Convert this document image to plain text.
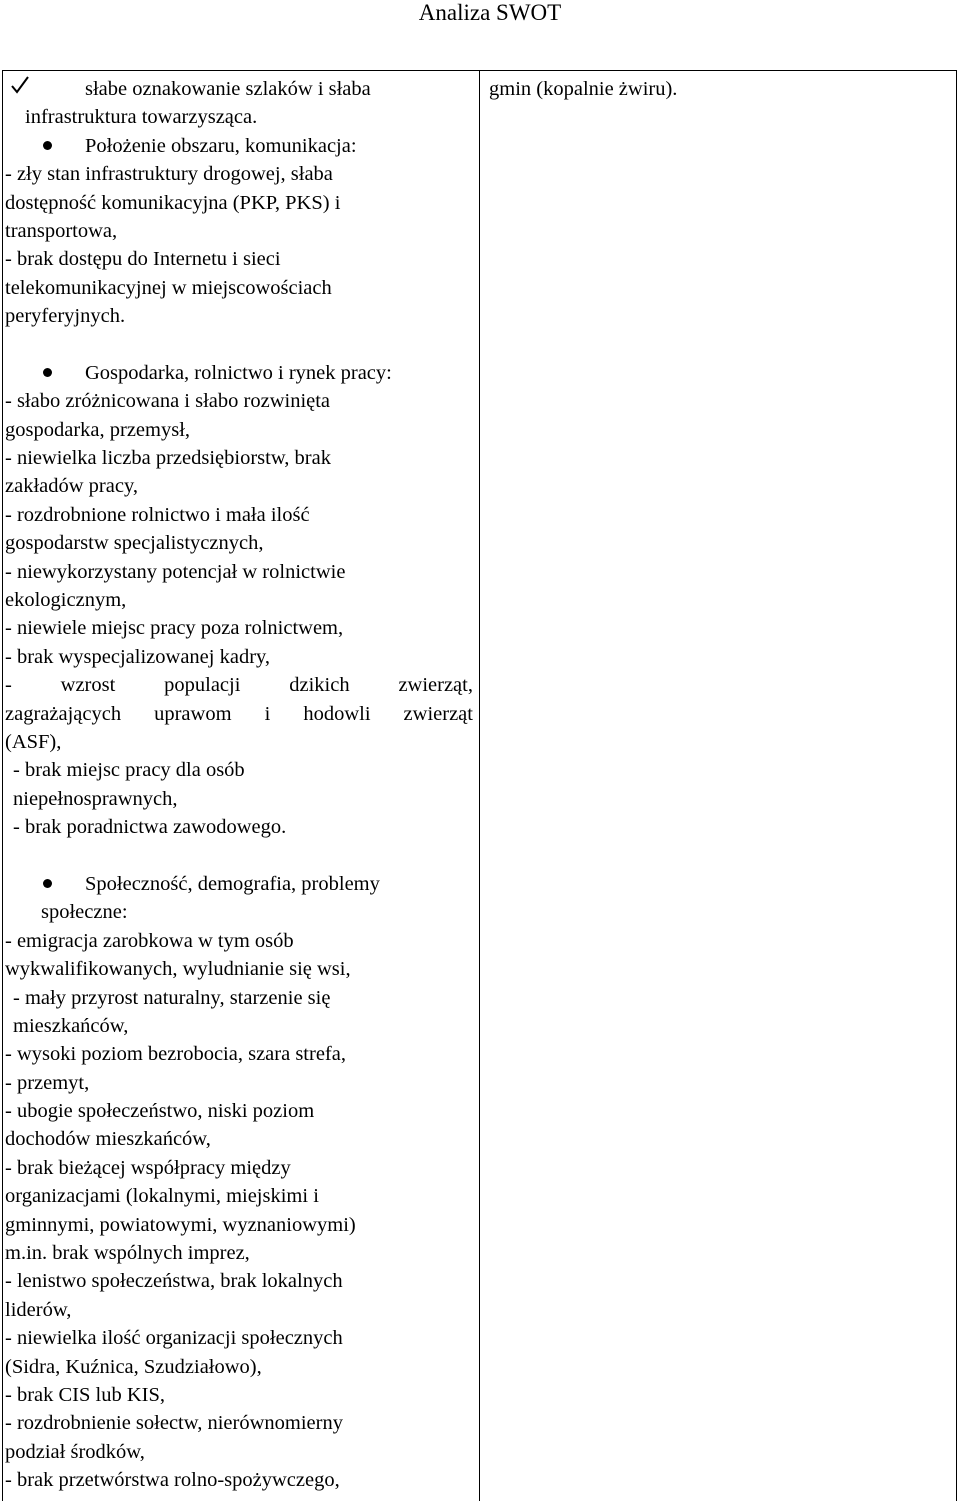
Analiza SWOT
słabe oznakowanie szlaków i słaba
infrastruktura towarzysząca.
Położenie obszaru, komunikacja:
- zły stan infrastruktury drogowej, słaba
dostępność komunikacyjna (PKP, PKS) i
transportowa,
- brak dostępu do Internetu i sieci
telekomunikacyjnej w miejscowościach
peryferyjnych.
Gospodarka, rolnictwo i rynek pracy:
- słabo zróżnicowana i słabo rozwinięta
gospodarka, przemysł,
- niewielka liczba przedsiębiorstw, brak
zakładów pracy,
- rozdrobnione rolnictwo i mała ilość
gospodarstw specjalistycznych,
- niewykorzystany potencjał w rolnictwie
ekologicznym,
- niewiele miejsc pracy poza rolnictwem,
- brak wyspecjalizowanej kadry,
- wzrost populacji dzikich zwierząt,
zagrażających uprawom i hodowli zwierząt
(ASF),
- brak miejsc pracy dla osób
niepełnosprawnych,
- brak poradnictwa zawodowego.
Społeczność, demografia, problemy
społeczne:
- emigracja zarobkowa w tym osób
wykwalifikowanych, wyludnianie się wsi,
- mały przyrost naturalny, starzenie się
mieszkańców,
- wysoki poziom bezrobocia, szara strefa,
- przemyt,
- ubogie społeczeństwo, niski poziom
dochodów mieszkańców,
- brak bieżącej współpracy między
organizacjami (lokalnymi, miejskimi i
gminnymi, powiatowymi, wyznaniowymi)
m.in. brak wspólnych imprez,
- lenistwo społeczeństwa, brak lokalnych
liderów,
- niewielka ilość organizacji społecznych
(Sidra, Kuźnica, Szudziałowo),
- brak CIS lub KIS,
- rozdrobnienie sołectw, nierównomierny
podział środków,
- brak przetwórstwa rolno-spożywczego,
gmin (kopalnie żwiru).
